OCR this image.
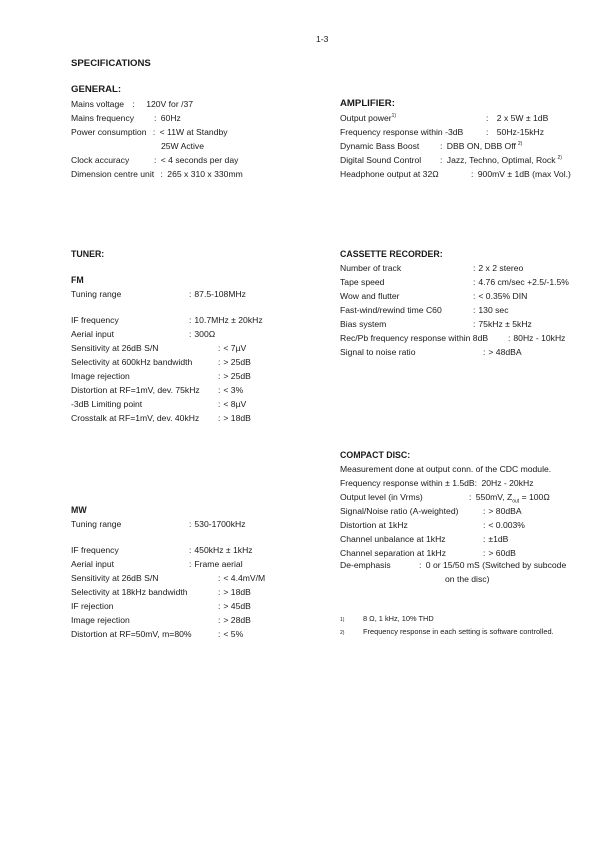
1-3
SPECIFICATIONS
GENERAL:
Mains voltage : 120V for /37
Mains frequency : 60Hz
Power consumption : < 11W at Standby
25W Active
Clock accuracy	: < 4 seconds per day
Dimension centre unit : 265 x 310 x 330mm
AMPLIFIER:
Output power$^{1)}$	: 2 x 5W ± 1dB
Frequency response within -3dB	: 50Hz-15kHz
Dynamic Bass Boost : DBB ON, DBB Off $^{2)}$
Digital Sound Control : Jazz, Techno, Optimal, Rock $^{2)}$
Headphone output at 32Ω	: 900mV ± 1dB (max Vol.)
TUNER:
FM
Tuning range	: 87.5-108MHz
IF frequency	: 10.7MHz ± 20kHz
Aerial input	: 300Ω
Sensitivity at 26dB S/N	: < 7µV
Selectivity at 600kHz bandwidth	: > 25dB
Image rejection	: > 25dB
Distortion at RF=1mV, dev. 75kHz : < 3%
-3dB Limiting point	: < 8µV
Crosstalk at RF=1mV, dev. 40kHz : > 18dB
MW
Tuning range	: 530-1700kHz
IF frequency	: 450kHz ± 1kHz
Aerial input	: Frame aerial
Sensitivity at 26dB S/N	: < 4.4mV/M
Selectivity at 18kHz bandwidth	: > 18dB
IF rejection	: > 45dB
Image rejection	: > 28dB
Distortion at RF=50mV, m=80%	: < 5%
CASSETTE RECORDER:
Number of track	: 2 x 2 stereo
Tape speed	: 4.76 cm/sec +2.5/-1.5%
Wow and flutter	: < 0.35% DIN
Fast-wind/rewind time C60	: 130 sec
Bias system	: 75kHz ± 5kHz
Rec/Pb frequency response within 8dB : 80Hz - 10kHz
Signal to noise ratio	: > 48dBA
COMPACT DISC:
Measurement done at output conn. of the CDC module.
Frequency response within ± 1.5dB: 20Hz - 20kHz
Output level (in Vrms)	: 550mV, $Z_{out} = 100\Omega$
Signal/Noise ratio (A-weighted)	: > 80dBA
Distortion at 1kHz	: < 0.003%
Channel unbalance at 1kHz	: ±1dB
Channel separation at 1kHz	: > 60dB
De-emphasis	: 0 or 15/50 mS (Switched by subcode
on the disc)
1)	8 Ω, 1 kHz, 10% THD
2)	Frequency response in each setting is software controlled.
